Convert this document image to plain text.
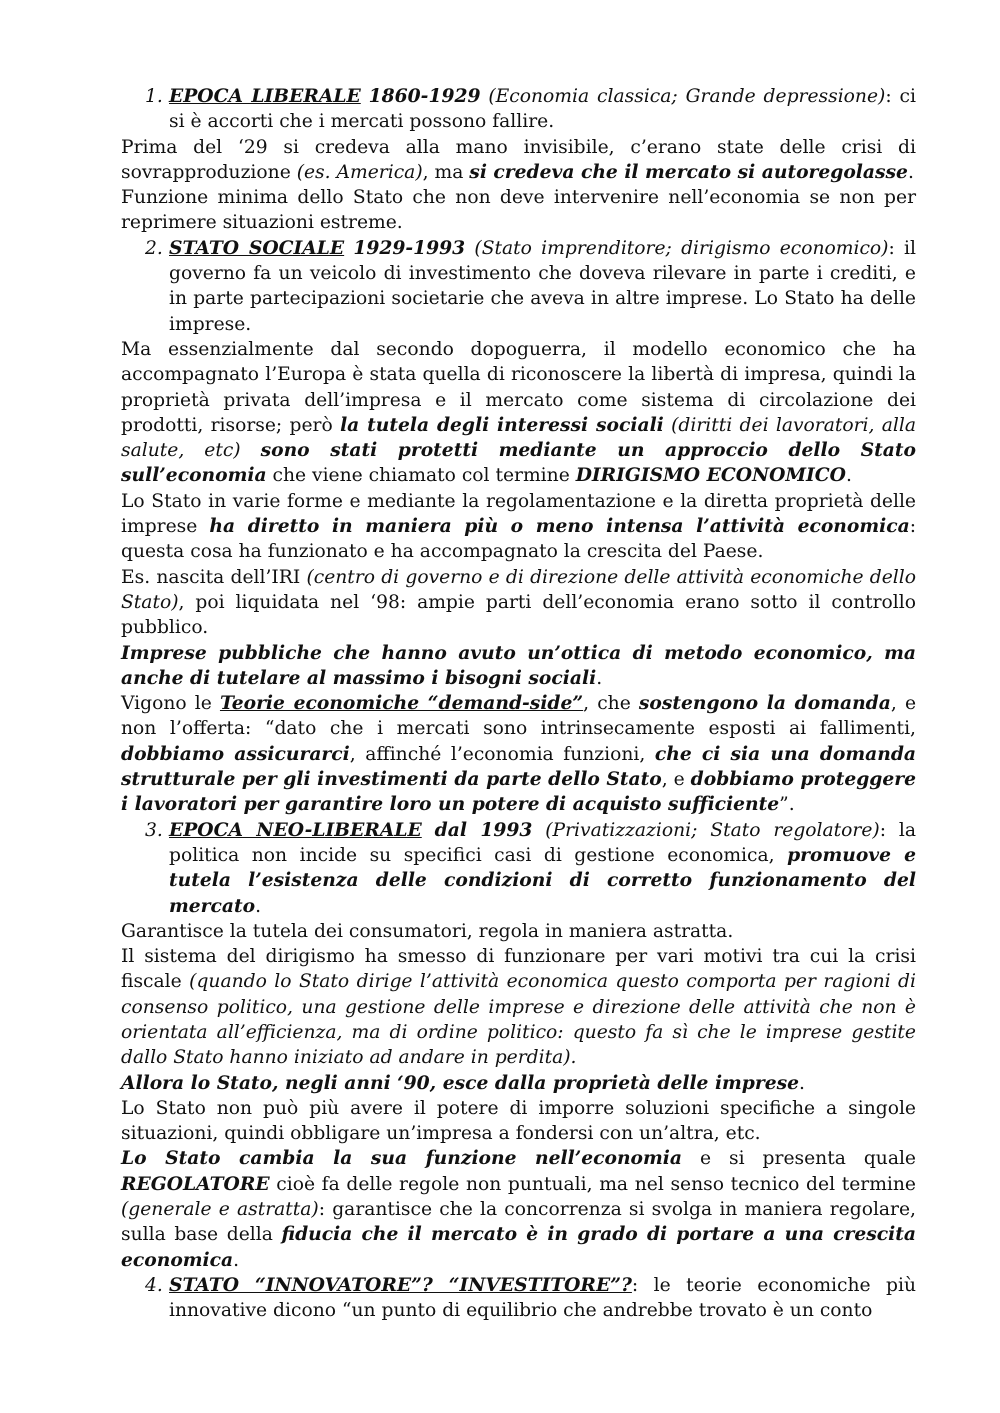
1. EPOCA LIBERALE 1860-1929 (Economia classica; Grande depressione): ci si è accorti che i mercati possono fallire.

Prima del ‘29 si credeva alla mano invisibile, c’erano state delle crisi di sovrapproduzione (es. America), ma si credeva che il mercato si autoregolasse.

Funzione minima dello Stato che non deve intervenire nell’economia se non per reprimere situazioni estreme.

2. STATO SOCIALE 1929-1993 (Stato imprenditore; dirigismo economico): il governo fa un veicolo di investimento che doveva rilevare in parte i crediti, e in parte partecipazioni societarie che aveva in altre imprese. Lo Stato ha delle imprese.

Ma essenzialmente dal secondo dopoguerra, il modello economico che ha accompagnato l’Europa è stata quella di riconoscere la libertà di impresa, quindi la proprietà privata dell’impresa e il mercato come sistema di circolazione dei prodotti, risorse; però la tutela degli interessi sociali (diritti dei lavoratori, alla salute, etc) sono stati protetti mediante un approccio dello Stato sull’economia che viene chiamato col termine DIRIGISMO ECONOMICO.

Lo Stato in varie forme e mediante la regolamentazione e la diretta proprietà delle imprese ha diretto in maniera più o meno intensa l’attività economica: questa cosa ha funzionato e ha accompagnato la crescita del Paese.

Es. nascita dell’IRI (centro di governo e di direzione delle attività economiche dello Stato), poi liquidata nel ‘98: ampie parti dell’economia erano sotto il controllo pubblico.

Imprese pubbliche che hanno avuto un’ottica di metodo economico, ma anche di tutelare al massimo i bisogni sociali.

Vigono le Teorie economiche “demand-side”, che sostengono la domanda, e non l’offerta: “dato che i mercati sono intrinsecamente esposti ai fallimenti, dobbiamo assicurarci, affinché l’economia funzioni, che ci sia una domanda strutturale per gli investimenti da parte dello Stato, e dobbiamo proteggere i lavoratori per garantire loro un potere di acquisto sufficiente”.

3. EPOCA NEO-LIBERALE dal 1993 (Privatizzazioni; Stato regolatore): la politica non incide su specifici casi di gestione economica, promuove e tutela l’esistenza delle condizioni di corretto funzionamento del mercato.

Garantisce la tutela dei consumatori, regola in maniera astratta.

Il sistema del dirigismo ha smesso di funzionare per vari motivi tra cui la crisi fiscale (quando lo Stato dirige l’attività economica questo comporta per ragioni di consenso politico, una gestione delle imprese e direzione delle attività che non è orientata all’efficienza, ma di ordine politico: questo fa sì che le imprese gestite dallo Stato hanno iniziato ad andare in perdita).

Allora lo Stato, negli anni ‘90, esce dalla proprietà delle imprese.

Lo Stato non può più avere il potere di imporre soluzioni specifiche a singole situazioni, quindi obbligare un’impresa a fondersi con un’altra, etc.

Lo Stato cambia la sua funzione nell’economia e si presenta quale REGOLATORE cioè fa delle regole non puntuali, ma nel senso tecnico del termine (generale e astratta): garantisce che la concorrenza si svolga in maniera regolare, sulla base della fiducia che il mercato è in grado di portare a una crescita economica.

4. STATO “INNOVATORE”? “INVESTITORE”?: le teorie economiche più innovative dicono “un punto di equilibrio che andrebbe trovato è un conto
